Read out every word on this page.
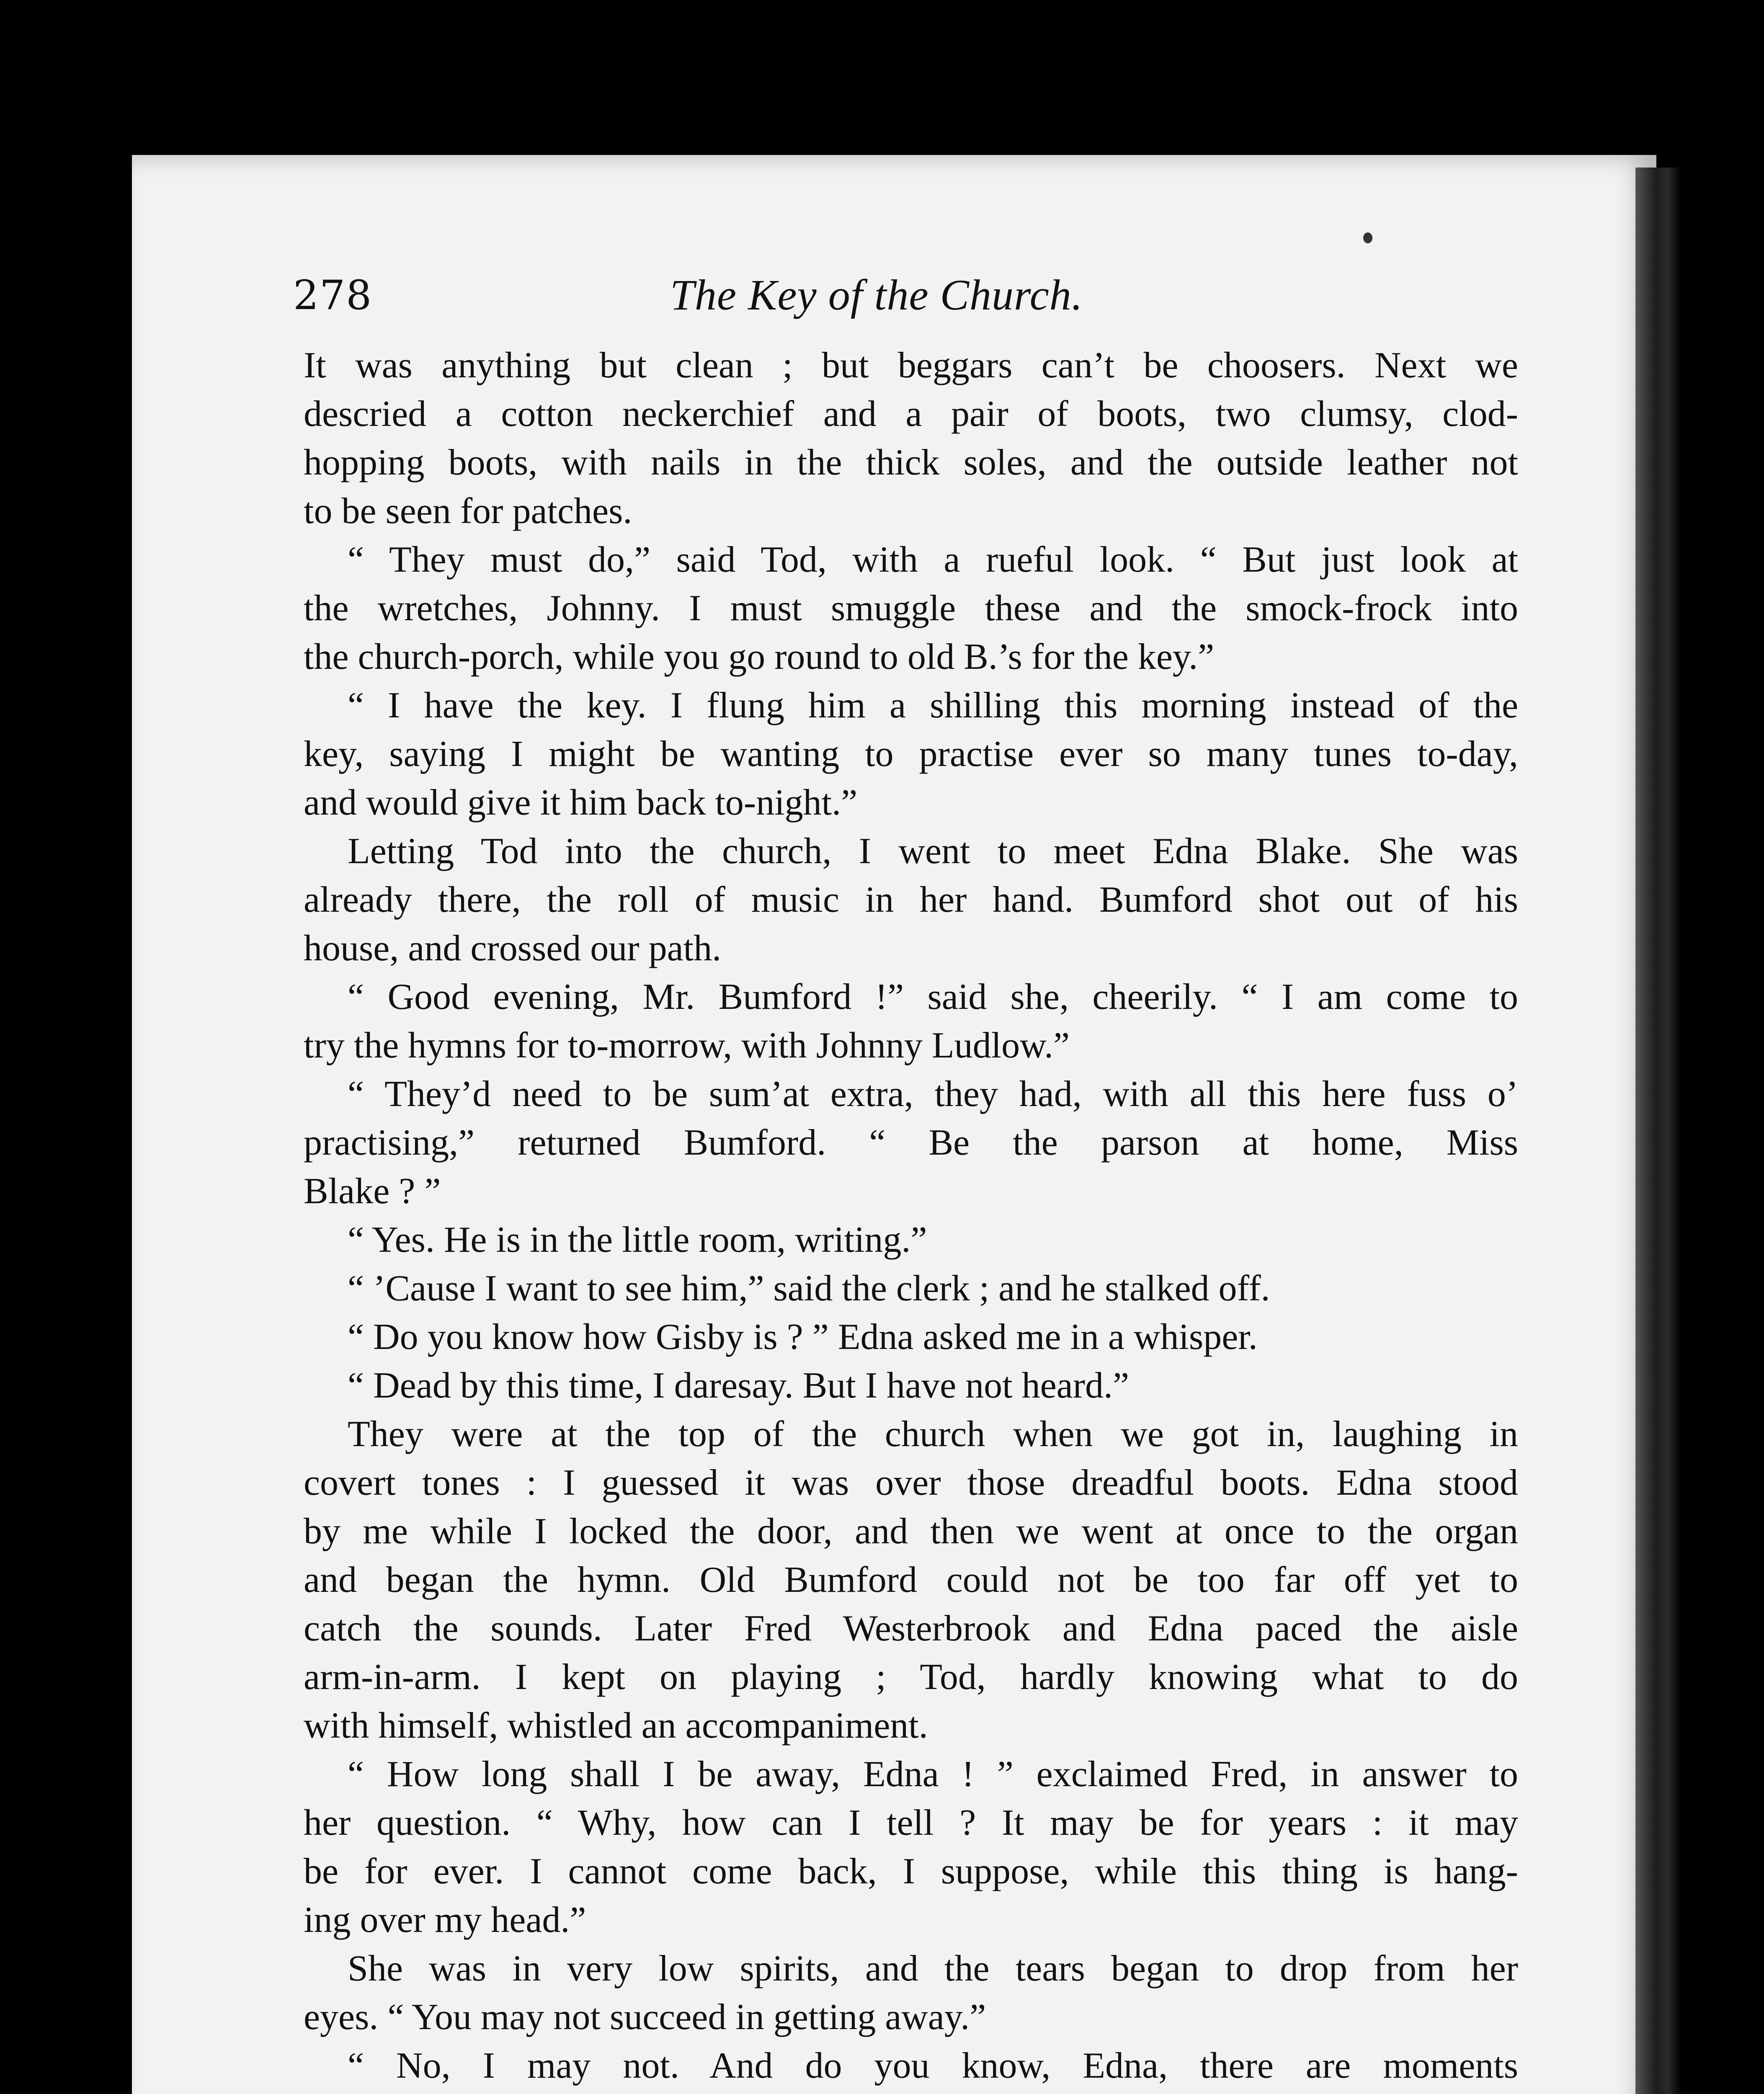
278	The Key of the Church.
It was anything but clean ; but beggars can’t be choosers. Next we
descried a cotton neckerchief and a pair of boots, two clumsy, clod-
hopping boots, with nails in the thick soles, and the outside leather not
to be seen for patches.
“ They must do,” said Tod, with a rueful look. “ But just look at
the wretches, Johnny. I must smuggle these and the smock-frock into
the church-porch, while you go round to old B.’s for the key.”
“ I have the key. I flung him a shilling this morning instead of the
key, saying I might be wanting to practise ever so many tunes to-day,
and would give it him back to-night.”
Letting Tod into the church, I went to meet Edna Blake. She was
already there, the roll of music in her hand. Bumford shot out of his
house, and crossed our path.
“ Good evening, Mr. Bumford !” said she, cheerily. “ I am come to
try the hymns for to-morrow, with Johnny Ludlow.”
“ They’d need to be sum’at extra, they had, with all this here fuss o’
practising,” returned Bumford. “ Be the parson at home, Miss
Blake ? ”
“ Yes. He is in the little room, writing.”
“ ’Cause I want to see him,” said the clerk ; and he stalked off.
“ Do you know how Gisby is ? ” Edna asked me in a whisper.
“ Dead by this time, I daresay. But I have not heard.”
They were at the top of the church when we got in, laughing in
covert tones : I guessed it was over those dreadful boots. Edna stood
by me while I locked the door, and then we went at once to the organ
and began the hymn. Old Bumford could not be too far off yet to
catch the sounds. Later Fred Westerbrook and Edna paced the aisle
arm-in-arm. I kept on playing ; Tod, hardly knowing what to do
with himself, whistled an accompaniment.
“ How long shall I be away, Edna ! ” exclaimed Fred, in answer to
her question. “ Why, how can I tell ? It may be for years : it may
be for ever. I cannot come back, I suppose, while this thing is hang-
ing over my head.”
She was in very low spirits, and the tears began to drop from her
eyes. “ You may not succeed in getting away.”
“ No, I may not. And do you know, Edna, there are moments
